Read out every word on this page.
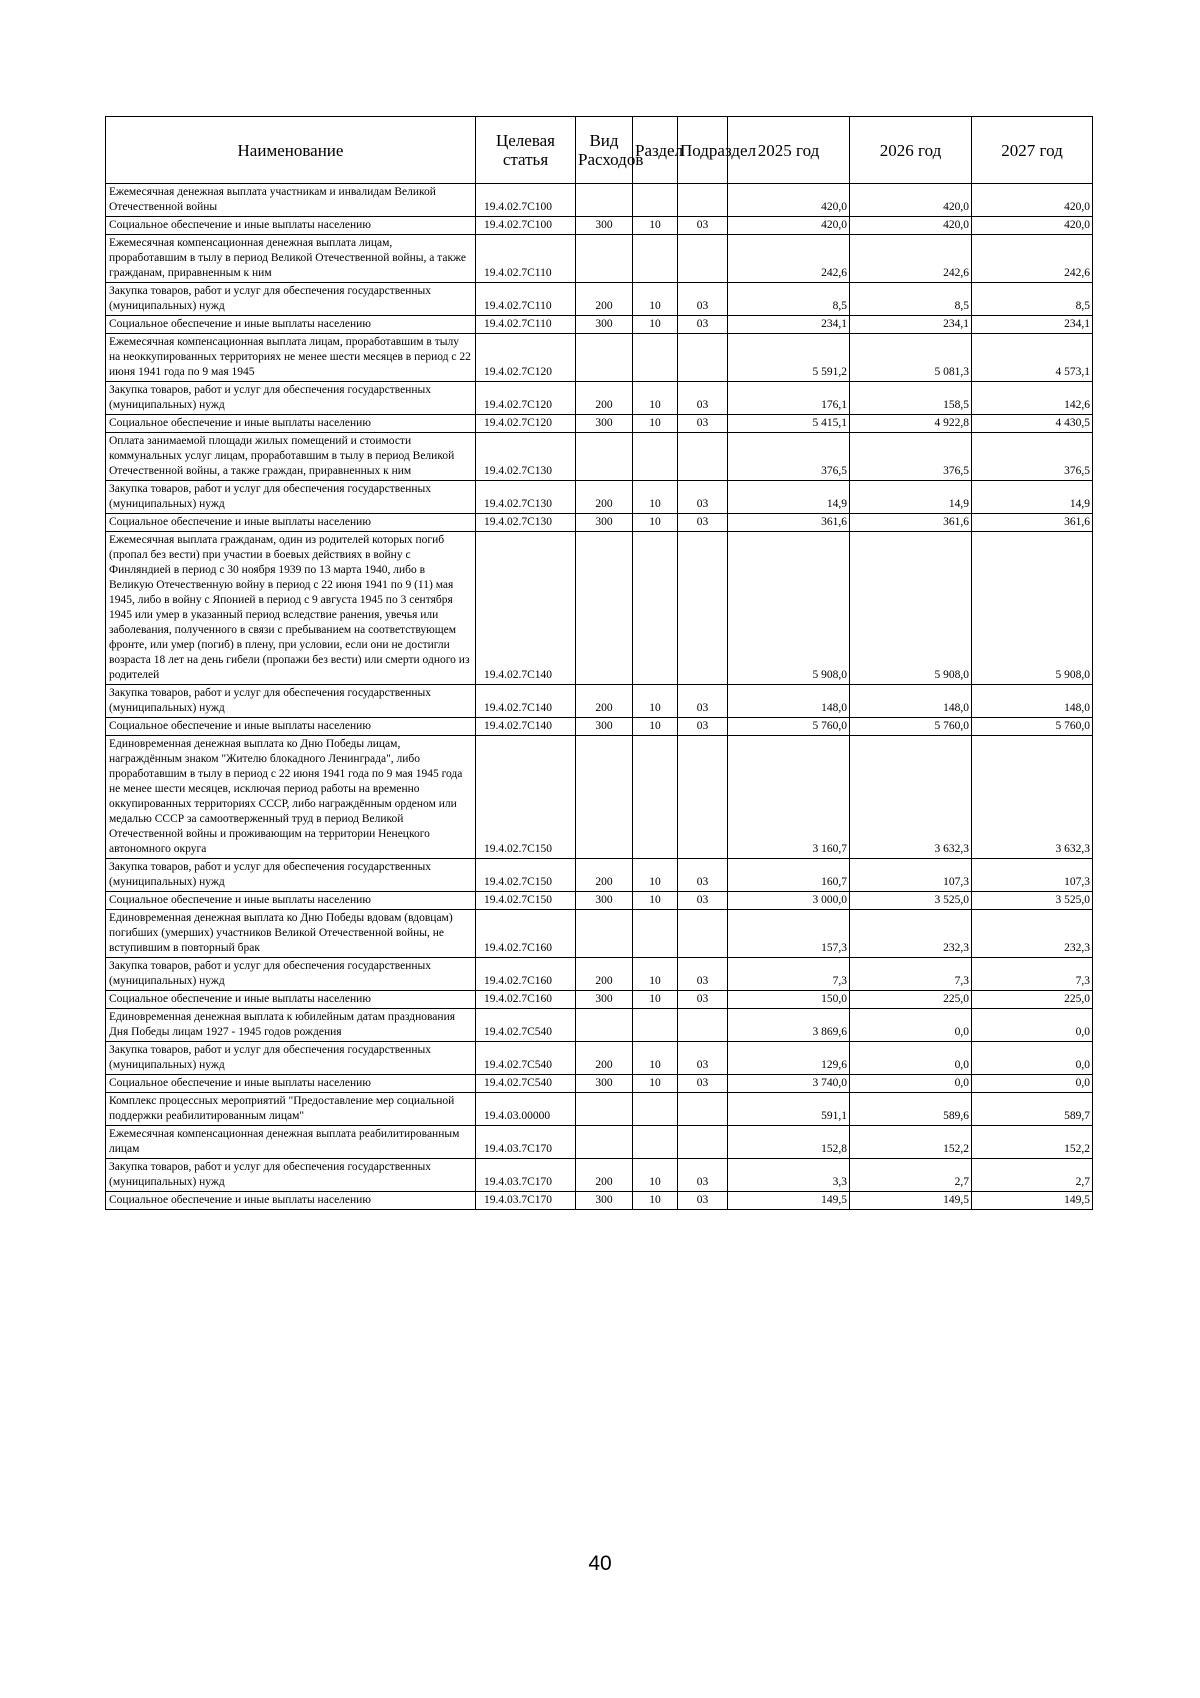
Наименование	Целевая статья	Вид Расходов	Раздел	Подраздел	2025 год	2026 год	2027 год
Ежемесячная денежная выплата участникам и инвалидам Великой Отечественной войны	19.4.02.7С100				420,0	420,0	420,0
Социальное обеспечение и иные выплаты населению	19.4.02.7С100	300	10	03	420,0	420,0	420,0
Ежемесячная компенсационная денежная выплата лицам, проработавшим в тылу в период Великой Отечественной войны, а также гражданам, приравненным к ним	19.4.02.7С110				242,6	242,6	242,6
Закупка товаров, работ и услуг для обеспечения государственных (муниципальных) нужд	19.4.02.7С110	200	10	03	8,5	8,5	8,5
Социальное обеспечение и иные выплаты населению	19.4.02.7С110	300	10	03	234,1	234,1	234,1
Ежемесячная компенсационная выплата лицам, проработавшим в тылу на неоккупированных территориях не менее шести месяцев в период с 22 июня 1941 года по 9 мая 1945	19.4.02.7С120				5 591,2	5 081,3	4 573,1
Закупка товаров, работ и услуг для обеспечения государственных (муниципальных) нужд	19.4.02.7С120	200	10	03	176,1	158,5	142,6
Социальное обеспечение и иные выплаты населению	19.4.02.7С120	300	10	03	5 415,1	4 922,8	4 430,5
Оплата занимаемой площади жилых помещений и стоимости коммунальных услуг лицам, проработавшим в тылу в период Великой Отечественной войны, а также граждан, приравненных к ним	19.4.02.7С130				376,5	376,5	376,5
Закупка товаров, работ и услуг для обеспечения государственных (муниципальных) нужд	19.4.02.7С130	200	10	03	14,9	14,9	14,9
Социальное обеспечение и иные выплаты населению	19.4.02.7С130	300	10	03	361,6	361,6	361,6
Ежемесячная выплата гражданам, один из родителей которых погиб (пропал без вести) при участии в боевых действиях в войну с Финляндией в период с 30 ноября 1939 по 13 марта 1940, либо в Великую Отечественную войну в период с 22 июня 1941 по 9 (11) мая 1945, либо в войну с Японией в период с 9 августа 1945 по 3 сентября 1945 или умер в указанный период вследствие ранения, увечья или заболевания, полученного в связи с пребыванием на соответствующем фронте, или умер (погиб) в плену, при условии, если они не достигли возраста 18 лет на день гибели (пропажи без вести) или смерти одного из родителей	19.4.02.7С140				5 908,0	5 908,0	5 908,0
Закупка товаров, работ и услуг для обеспечения государственных (муниципальных) нужд	19.4.02.7С140	200	10	03	148,0	148,0	148,0
Социальное обеспечение и иные выплаты населению	19.4.02.7С140	300	10	03	5 760,0	5 760,0	5 760,0
Единовременная денежная выплата ко Дню Победы лицам, награждённым знаком "Жителю блокадного Ленинграда", либо проработавшим в тылу в период с 22 июня 1941 года по 9 мая 1945 года не менее шести месяцев, исключая период работы на временно оккупированных территориях СССР, либо награждённым орденом или медалью СССР за самоотверженный труд в период Великой Отечественной войны и проживающим на территории Ненецкого автономного округа	19.4.02.7С150				3 160,7	3 632,3	3 632,3
Закупка товаров, работ и услуг для обеспечения государственных (муниципальных) нужд	19.4.02.7С150	200	10	03	160,7	107,3	107,3
Социальное обеспечение и иные выплаты населению	19.4.02.7С150	300	10	03	3 000,0	3 525,0	3 525,0
Единовременная денежная выплата ко Дню Победы вдовам (вдовцам) погибших (умерших) участников Великой Отечественной войны, не вступившим в повторный брак	19.4.02.7С160				157,3	232,3	232,3
Закупка товаров, работ и услуг для обеспечения государственных (муниципальных) нужд	19.4.02.7С160	200	10	03	7,3	7,3	7,3
Социальное обеспечение и иные выплаты населению	19.4.02.7С160	300	10	03	150,0	225,0	225,0
Единовременная денежная выплата к юбилейным датам празднования Дня Победы лицам 1927 - 1945 годов рождения	19.4.02.7С540				3 869,6	0,0	0,0
Закупка товаров, работ и услуг для обеспечения государственных (муниципальных) нужд	19.4.02.7С540	200	10	03	129,6	0,0	0,0
Социальное обеспечение и иные выплаты населению	19.4.02.7С540	300	10	03	3 740,0	0,0	0,0
Комплекс процессных мероприятий "Предоставление мер социальной поддержки реабилитированным лицам"	19.4.03.00000				591,1	589,6	589,7
Ежемесячная компенсационная денежная выплата реабилитированным лицам	19.4.03.7С170				152,8	152,2	152,2
Закупка товаров, работ и услуг для обеспечения государственных (муниципальных) нужд	19.4.03.7С170	200	10	03	3,3	2,7	2,7
Социальное обеспечение и иные выплаты населению	19.4.03.7С170	300	10	03	149,5	149,5	149,5
40
